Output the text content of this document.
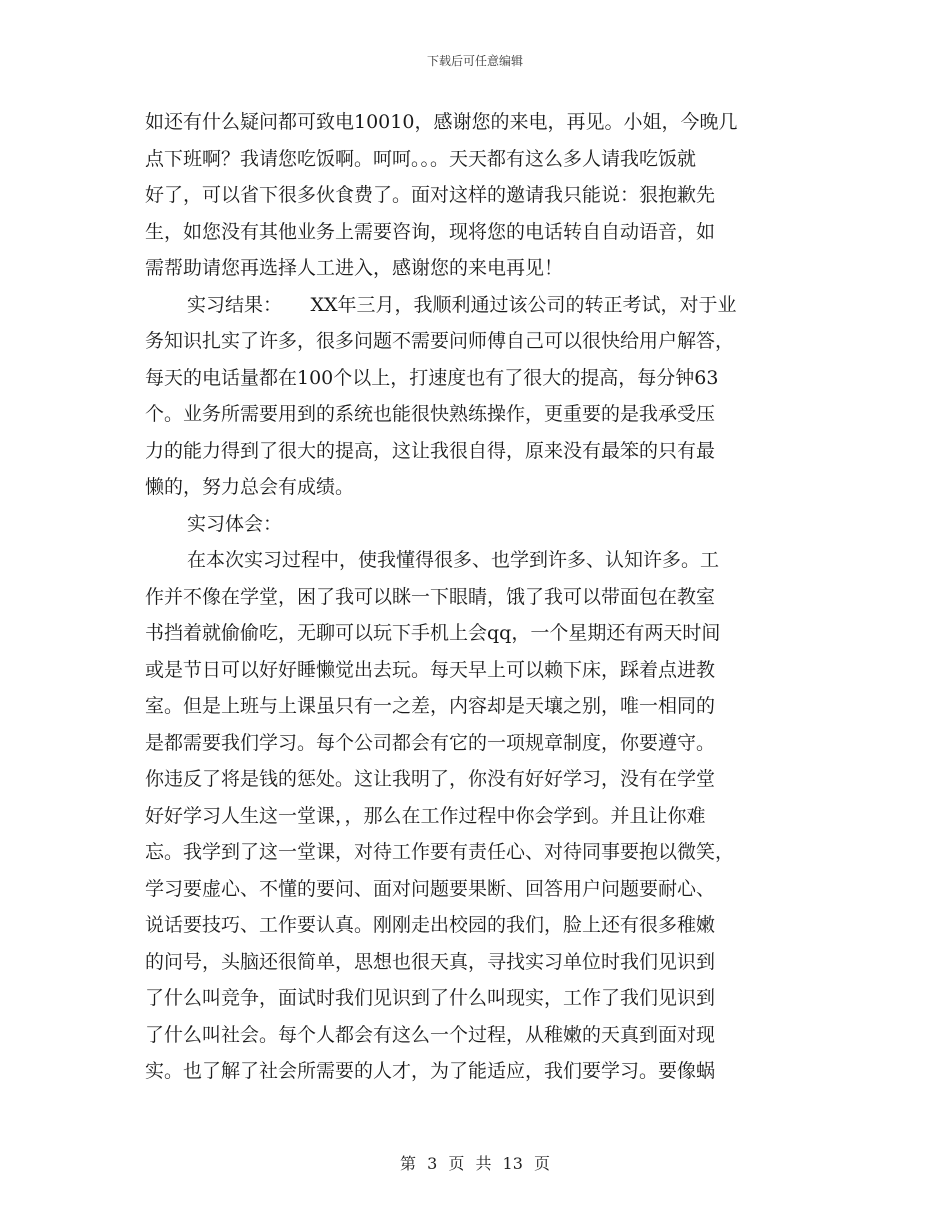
下载后可任意编辑
如还有什么疑问都可致电10010，感谢您的来电，再见。小姐，今晚几
点下班啊？我请您吃饭啊。呵呵。。。天天都有这么多人请我吃饭就
好了，可以省下很多伙食费了。面对这样的邀请我只能说：狠抱歉先
生，如您没有其他业务上需要咨询，现将您的电话转自自动语音，如
需帮助请您再选择人工进入，感谢您的来电再见！
实习结果：　　XX年三月，我顺利通过该公司的转正考试，对于业
务知识扎实了许多，很多问题不需要问师傅自己可以很快给用户解答，
每天的电话量都在100个以上，打速度也有了很大的提高，每分钟63
个。业务所需要用到的系统也能很快熟练操作，更重要的是我承受压
力的能力得到了很大的提高，这让我很自得，原来没有最笨的只有最
懒的，努力总会有成绩。
实习体会：
在本次实习过程中，使我懂得很多、也学到许多、认知许多。工
作并不像在学堂，困了我可以眯一下眼睛，饿了我可以带面包在教室
书挡着就偷偷吃，无聊可以玩下手机上会qq，一个星期还有两天时间
或是节日可以好好睡懒觉出去玩。每天早上可以赖下床，踩着点进教
室。但是上班与上课虽只有一之差，内容却是天壤之别，唯一相同的
是都需要我们学习。每个公司都会有它的一项规章制度，你要遵守。
你违反了将是钱的惩处。这让我明了，你没有好好学习，没有在学堂
好好学习人生这一堂课，，那么在工作过程中你会学到。并且让你难
忘。我学到了这一堂课，对待工作要有责任心、对待同事要抱以微笑，
学习要虚心、不懂的要问、面对问题要果断、回答用户问题要耐心、
说话要技巧、工作要认真。刚刚走出校园的我们，脸上还有很多稚嫩
的问号，头脑还很简单，思想也很天真，寻找实习单位时我们见识到
了什么叫竞争，面试时我们见识到了什么叫现实，工作了我们见识到
了什么叫社会。每个人都会有这么一个过程，从稚嫩的天真到面对现
实。也了解了社会所需要的人才，为了能适应，我们要学习。要像蜗
第 3 页 共 13 页
